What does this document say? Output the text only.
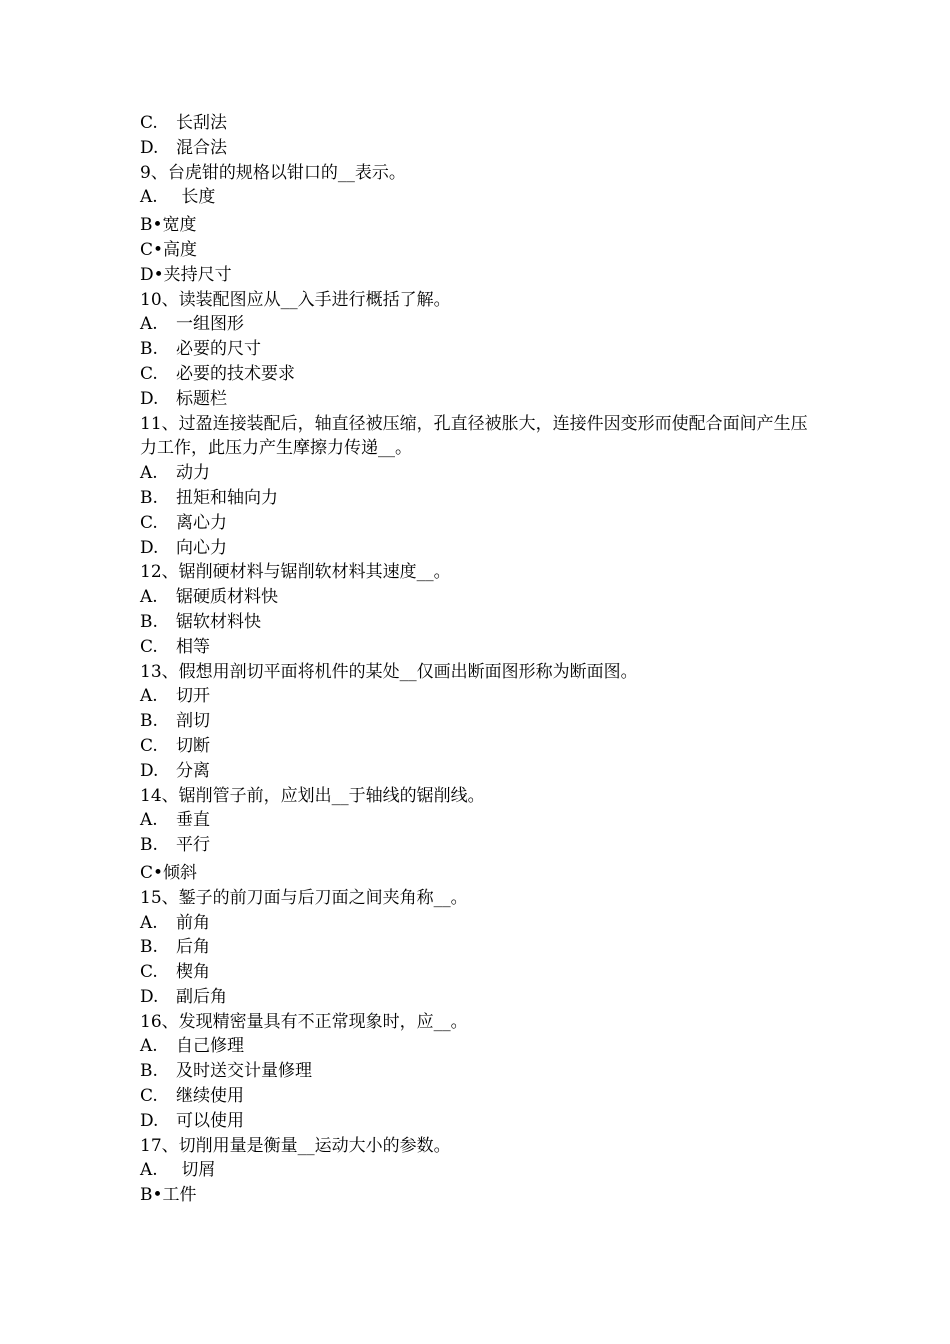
C. 长刮法
D. 混合法
9、台虎钳的规格以钳口的__表示。
A. 长度
B•宽度
C•高度
D•夹持尺寸
10、读装配图应从__入手进行概括了解。
A. 一组图形
B. 必要的尺寸
C. 必要的技术要求
D. 标题栏
11、过盈连接装配后，轴直径被压缩，孔直径被胀大，连接件因变形而使配合面间产生压力工作，此压力产生摩擦力传递__。
A. 动力
B. 扭矩和轴向力
C. 离心力
D. 向心力
12、锯削硬材料与锯削软材料其速度__。
A. 锯硬质材料快
B. 锯软材料快
C. 相等
13、假想用剖切平面将机件的某处__仅画出断面图形称为断面图。
A. 切开
B. 剖切
C. 切断
D. 分离
14、锯削管子前，应划出__于轴线的锯削线。
A. 垂直
B. 平行
C•倾斜
15、錾子的前刀面与后刀面之间夹角称__。
A. 前角
B. 后角
C. 楔角
D. 副后角
16、发现精密量具有不正常现象时，应__。
A. 自己修理
B. 及时送交计量修理
C. 继续使用
D. 可以使用
17、切削用量是衡量__运动大小的参数。
A. 切屑
B•工件
